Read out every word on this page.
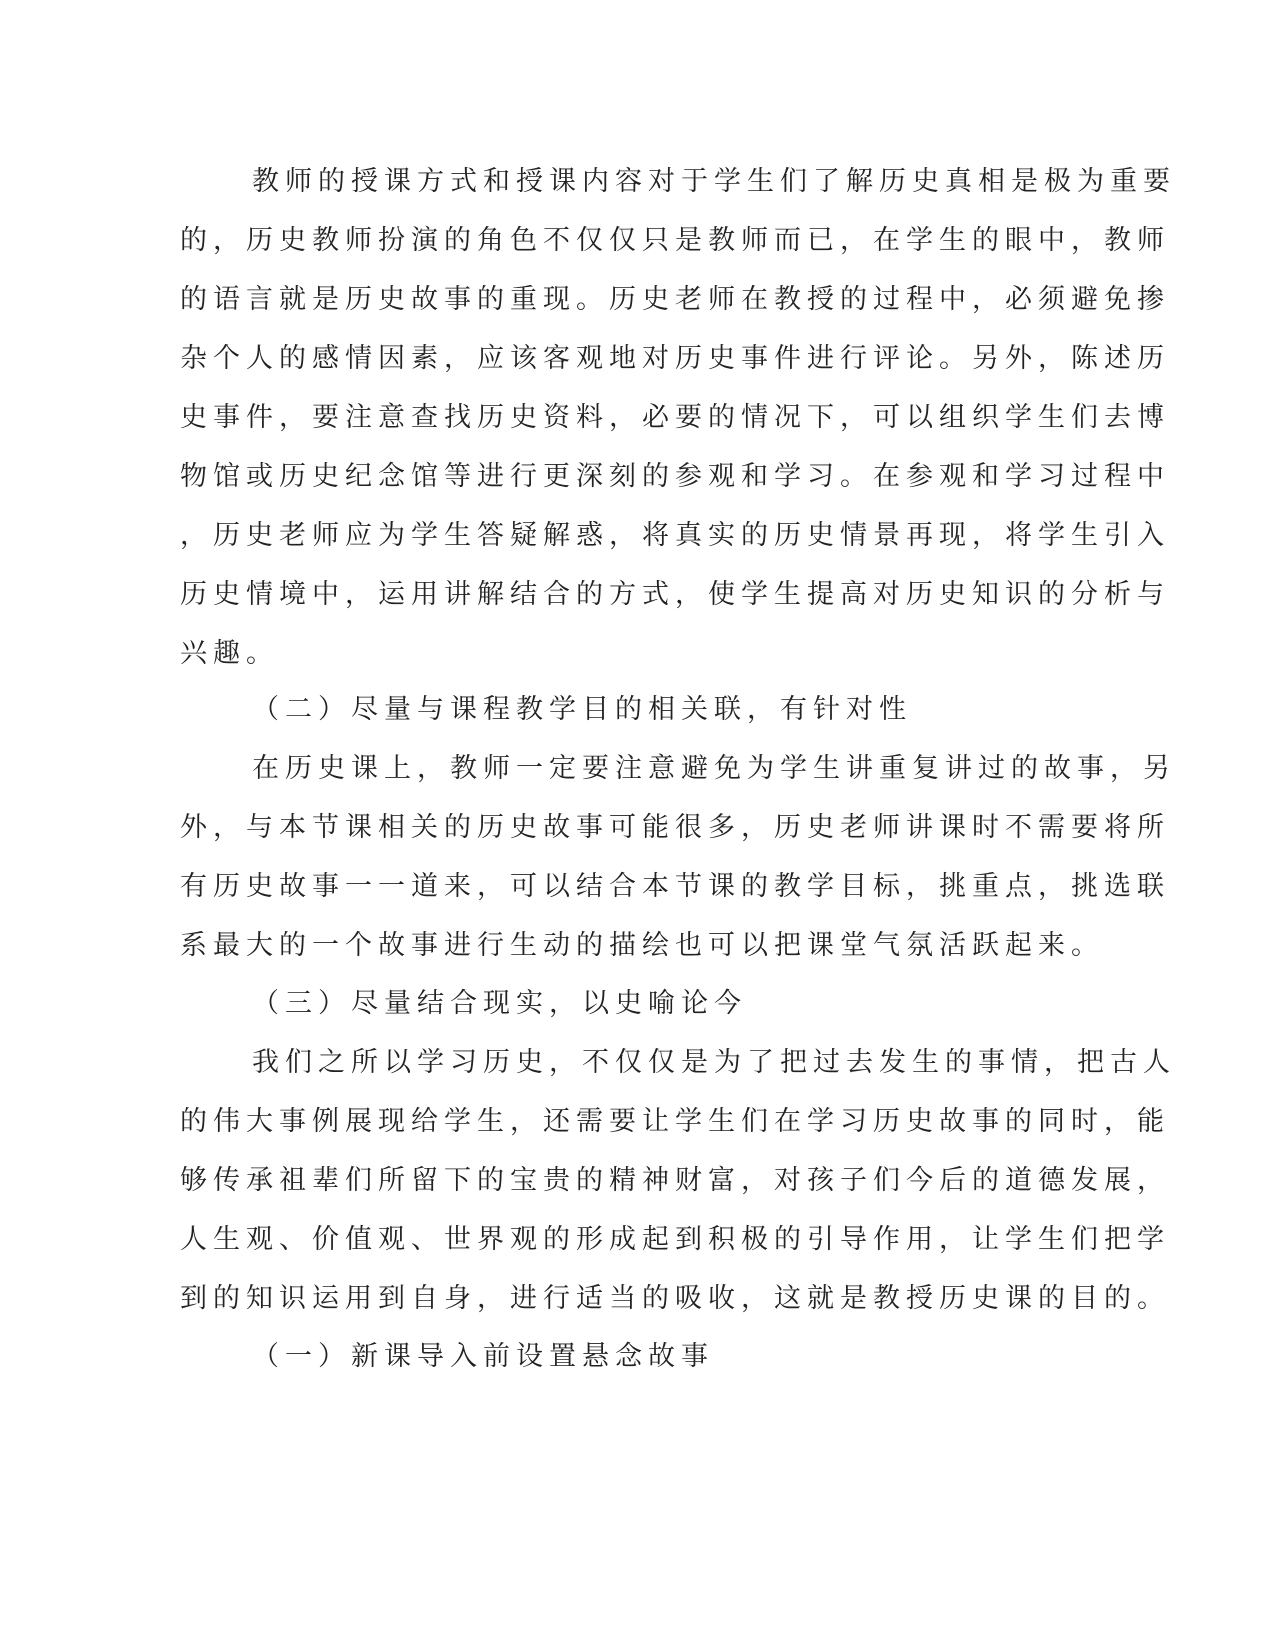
教师的授课方式和授课内容对于学生们了解历史真相是极为重要
的，历史教师扮演的角色不仅仅只是教师而已，在学生的眼中，教师
的语言就是历史故事的重现。历史老师在教授的过程中，必须避免掺
杂个人的感情因素，应该客观地对历史事件进行评论。另外，陈述历
史事件，要注意查找历史资料，必要的情况下，可以组织学生们去博
物馆或历史纪念馆等进行更深刻的参观和学习。在参观和学习过程中
，历史老师应为学生答疑解惑，将真实的历史情景再现，将学生引入
历史情境中，运用讲解结合的方式，使学生提高对历史知识的分析与
兴趣。
（二）尽量与课程教学目的相关联，有针对性
在历史课上，教师一定要注意避免为学生讲重复讲过的故事，另
外，与本节课相关的历史故事可能很多，历史老师讲课时不需要将所
有历史故事一一道来，可以结合本节课的教学目标，挑重点，挑选联
系最大的一个故事进行生动的描绘也可以把课堂气氛活跃起来。
（三）尽量结合现实，以史喻论今
我们之所以学习历史，不仅仅是为了把过去发生的事情，把古人
的伟大事例展现给学生，还需要让学生们在学习历史故事的同时，能
够传承祖辈们所留下的宝贵的精神财富，对孩子们今后的道德发展，
人生观、价值观、世界观的形成起到积极的引导作用，让学生们把学
到的知识运用到自身，进行适当的吸收，这就是教授历史课的目的。
（一）新课导入前设置悬念故事
